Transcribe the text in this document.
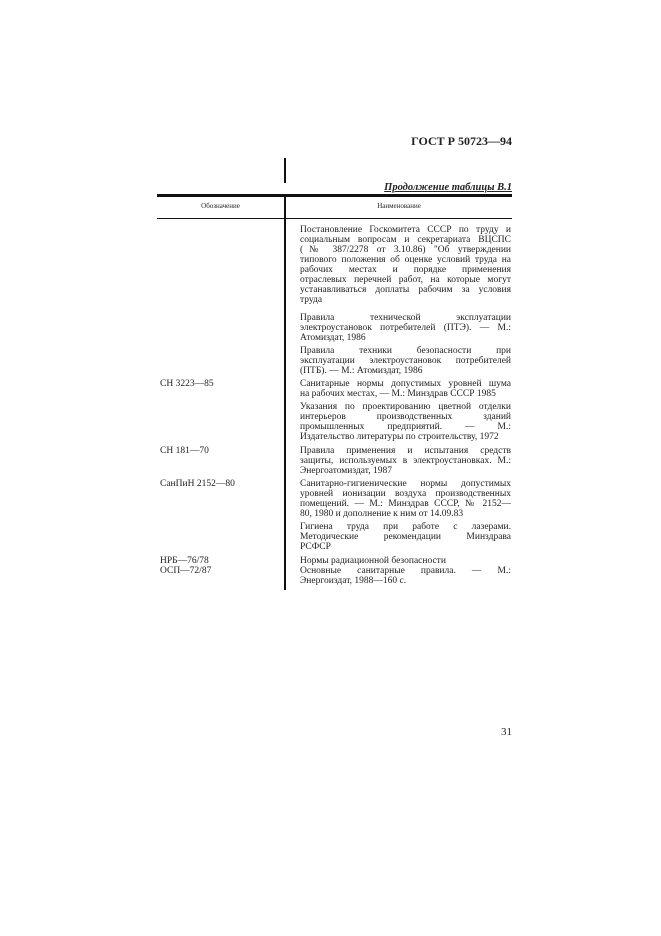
ГОСТ Р 50723—94
Продолжение таблицы В.1
Обозначение	Наименование
Постановление Госкомитета СССР по труду и
социальным вопросам и секретариата ВЦСПС
(№ 387/2278 от 3.10.86) "Об утверждении
типового положения об оценке условий труда на
рабочих местах и порядке применения
отраслевых перечней работ, на которые могут
устанавливаться доплаты рабочим за условия
труда
Правила технической эксплуатации
электроустановок потребителей (ПТЭ). — М.:
Атомиздат, 1986
Правила техники безопасности при
эксплуатации электроустановок потребителей
(ПТБ). — М.: Атомиздат, 1986
СН 3223—85	Санитарные нормы допустимых уровней шума
на рабочих местах, — М.: Минздрав СССР 1985
Указания по проектированию цветной отделки
интерьеров производственных зданий
промышленных предприятий. — М.:
Издательство литературы по строительству, 1972
СН 181—70	Правила применения и испытания средств
защиты, используемых в электроустановках. М.:
Энергоатомиздат, 1987
СанПиН 2152—80	Санитарно-гигиенические нормы допустимых
уровней ионизации воздуха производственных
помещений. — М.: Минздрав СССР, № 2152—
80, 1980 и дополнение к ним от 14.09.83
Гигиена труда при работе с лазерами.
Методические рекомендации Минздрава
РСФСР
НРБ—76/78	Нормы радиационной безопасности
ОСП—72/87	Основные санитарные правила. — М.:
Энергоиздат, 1988—160 с.
31
